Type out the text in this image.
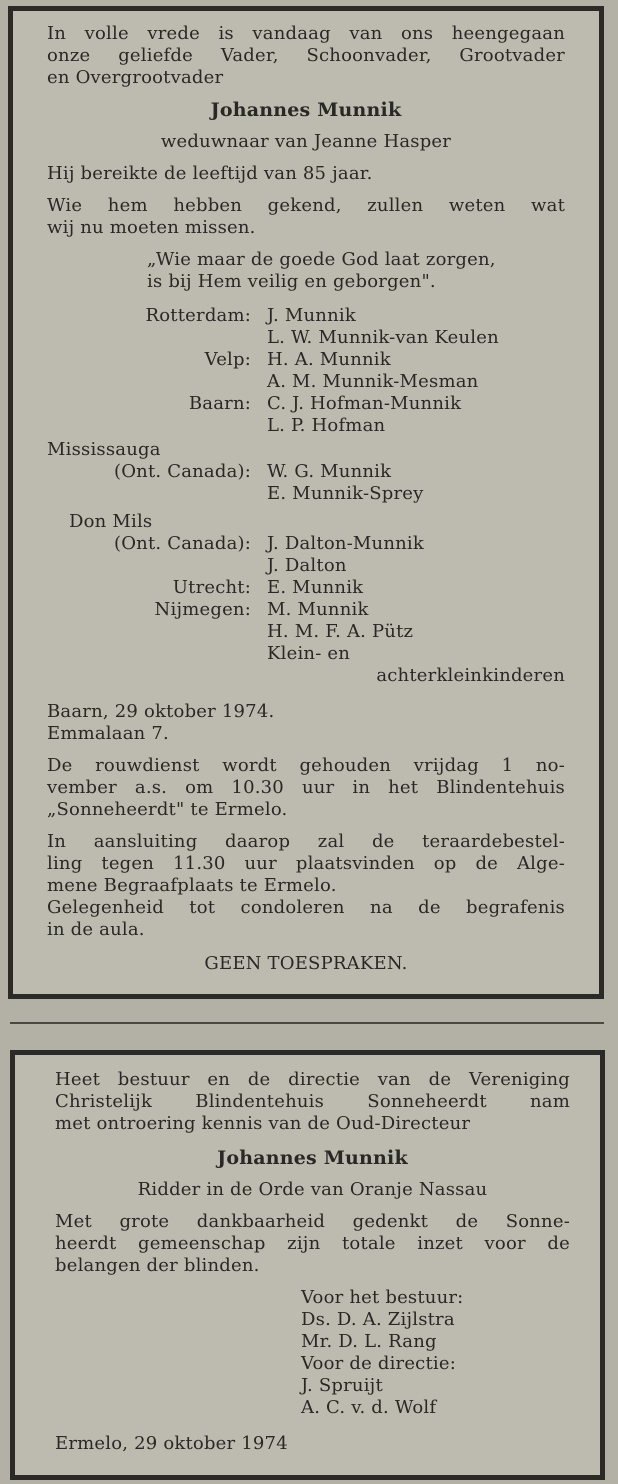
In volle vrede is vandaag van ons heengegaan

onze geliefde Vader, Schoonvader, Grootvader

en Overgrootvader

Johannes Munnik

weduwnaar van Jeanne Hasper

Hij bereikte de leeftijd van 85 jaar.

Wie hem hebben gekend, zullen weten wat

wij nu moeten missen.

„Wie maar de goede God laat zorgen,

is bij Hem veilig en geborgen".

Rotterdam: J. Munnik

L. W. Munnik-van Keulen

Velp: H. A. Munnik

A. M. Munnik-Mesman

Baarn: C. J. Hofman-Munnik

L. P. Hofman

Mississauga

(Ont. Canada): W. G. Munnik

E. Munnik-Sprey

Don Mils

(Ont. Canada): J. Dalton-Munnik

J. Dalton

Utrecht: E. Munnik

Nijmegen: M. Munnik

H. M. F. A. Pütz

Klein- en

achterkleinkinderen

Baarn, 29 oktober 1974.

Emmalaan 7.

De rouwdienst wordt gehouden vrijdag 1 no-

vember a.s. om 10.30 uur in het Blindentehuis

„Sonneheerdt" te Ermelo.

In aansluiting daarop zal de teraardebestel-

ling tegen 11.30 uur plaatsvinden op de Alge-

mene Begraafplaats te Ermelo.

Gelegenheid tot condoleren na de begrafenis

in de aula.

GEEN TOESPRAKEN.

Heet bestuur en de directie van de Vereniging

Christelijk Blindentehuis Sonneheerdt nam

met ontroering kennis van de Oud-Directeur

Johannes Munnik

Ridder in de Orde van Oranje Nassau

Met grote dankbaarheid gedenkt de Sonne-

heerdt gemeenschap zijn totale inzet voor de

belangen der blinden.

Voor het bestuur:

Ds. D. A. Zijlstra

Mr. D. L. Rang

Voor de directie:

J. Spruijt

A. C. v. d. Wolf

Ermelo, 29 oktober 1974
